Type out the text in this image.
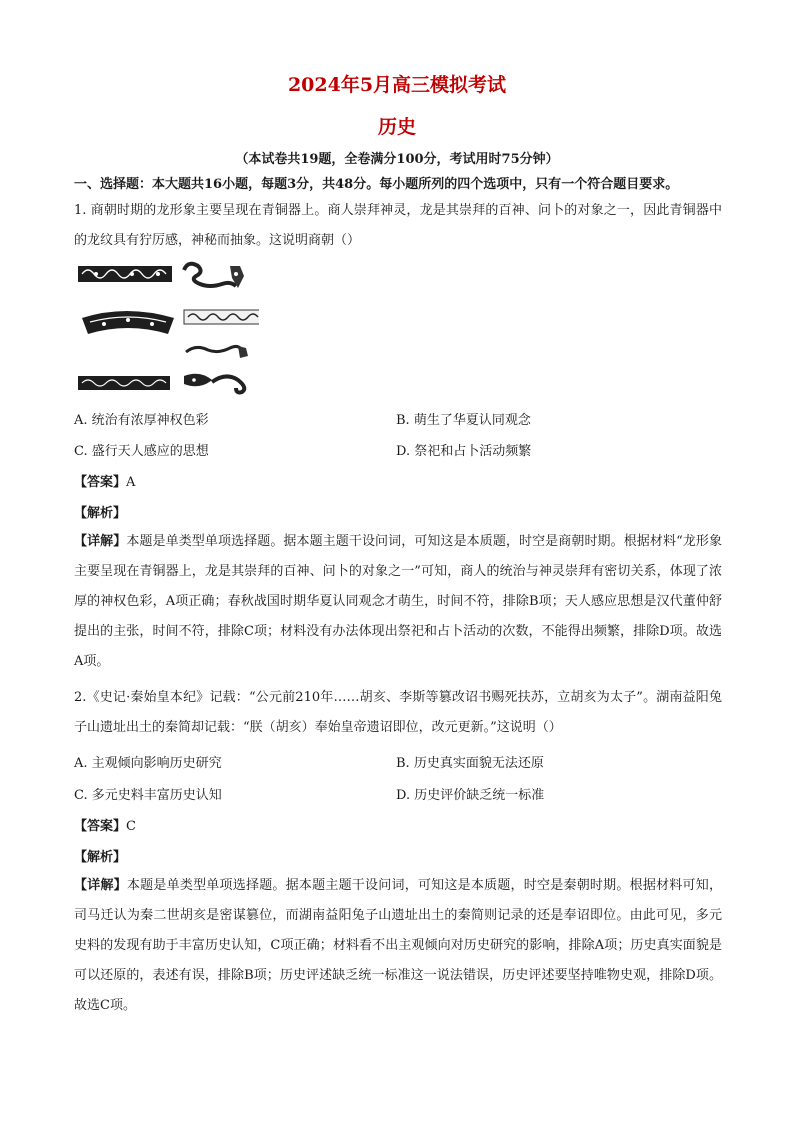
2024年5月高三模拟考试
历史
（本试卷共19题，全卷满分100分，考试用时75分钟）
一、选择题：本大题共16小题，每题3分，共48分。每小题所列的四个选项中，只有一个符合题目要求。
1. 商朝时期的龙形象主要呈现在青铜器上。商人崇拜神灵，龙是其崇拜的百神、问卜的对象之一，因此青铜器中的龙纹具有狞厉感，神秘而抽象。这说明商朝（）
A. 统治有浓厚神权色彩	B. 萌生了华夏认同观念
C. 盛行天人感应的思想	D. 祭祀和占卜活动频繁
【答案】A
【解析】
【详解】本题是单类型单项选择题。据本题主题干设问词，可知这是本质题，时空是商朝时期。根据材料“龙形象主要呈现在青铜器上，龙是其崇拜的百神、问卜的对象之一”可知，商人的统治与神灵崇拜有密切关系，体现了浓厚的神权色彩，A项正确；春秋战国时期华夏认同观念才萌生，时间不符，排除B项；天人感应思想是汉代董仲舒提出的主张，时间不符，排除C项；材料没有办法体现出祭祀和占卜活动的次数，不能得出频繁，排除D项。故选A项。
2.《史记·秦始皇本纪》记载：“公元前210年……胡亥、李斯等篡改诏书赐死扶苏，立胡亥为太子”。湖南益阳兔子山遗址出土的秦简却记载：“朕（胡亥）奉始皇帝遗诏即位，改元更新。”这说明（）
A. 主观倾向影响历史研究	B. 历史真实面貌无法还原
C. 多元史料丰富历史认知	D. 历史评价缺乏统一标准
【答案】C
【解析】
【详解】本题是单类型单项选择题。据本题主题干设问词，可知这是本质题，时空是秦朝时期。根据材料可知，司马迁认为秦二世胡亥是密谋篡位，而湖南益阳兔子山遗址出土的秦简则记录的还是奉诏即位。由此可见，多元史料的发现有助于丰富历史认知，C项正确；材料看不出主观倾向对历史研究的影响，排除A项；历史真实面貌是可以还原的，表述有误，排除B项；历史评述缺乏统一标准这一说法错误，历史评述要坚持唯物史观，排除D项。故选C项。
